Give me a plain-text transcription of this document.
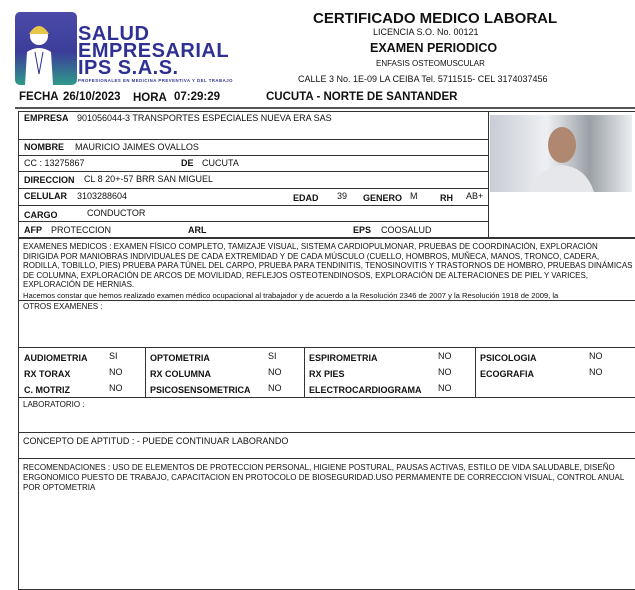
SALUD
EMPRESARIAL
IPS S.A.S.
PROFESIONALES EN MEDICINA PREVENTIVA Y DEL TRABAJO
CERTIFICADO MEDICO LABORAL
LICENCIA S.O. No. 00121
EXAMEN PERIODICO
ENFASIS OSTEOMUSCULAR
CALLE 3 No. 1E-09 LA CEIBA Tel. 5711515- CEL 3174037456
FECHA 26/10/2023 HORA 07:29:29	CUCUTA - NORTE DE SANTANDER
EMPRESA 901056044-3 TRANSPORTES ESPECIALES NUEVA ERA SAS
NOMBRE MAURICIO JAIMES OVALLOS
CC : 13275867	DE CUCUTA
DIRECCION CL 8 20+-57 BRR SAN MIGUEL
CELULAR 3103288604	EDAD 39 GENERO M	RH AB+
CARGO	CONDUCTOR
AFP PROTECCION	ARL	EPS COOSALUD
EXAMENES MEDICOS : EXAMEN FÍSICO COMPLETO, TAMIZAJE VISUAL, SISTEMA CARDIOPULMONAR, PRUEBAS DE COORDINACIÓN, EXPLORACIÓN DIRIGIDA POR MANIOBRAS INDIVIDUALES DE CADA EXTREMIDAD Y DE CADA MÚSCULO (CUELLO, HOMBROS, MUÑECA, MANOS, TRONCO, CADERA, RODILLA, TOBILLO, PIES) PRUEBA PARA TÚNEL DEL CARPO, PRUEBA PARA TENDINITIS, TENOSINOVITIS Y TRASTORNOS DE HOMBRO, PRUEBAS DINÁMICAS DE COLUMNA, EXPLORACIÓN DE ARCOS DE MOVILIDAD, REFLEJOS OSTEOTENDINOSOS, EXPLORACIÓN DE ALTERACIONES DE PIEL Y VARICES, EXPLORACIÓN DE HERNIAS.
Hacemos constar que hemos realizado examen médico ocupacional al trabajador y de acuerdo a la Resolución 2346 de 2007 y la Resolución 1918 de 2009, la
OTROS EXAMENES :
AUDIOMETRIA SI	OPTOMETRIA	SI	ESPIROMETRIA	NO	PSICOLOGIA	NO
RX TORAX	NO	RX COLUMNA	NO	RX PIES	NO	ECOGRAFIA	NO
C. MOTRIZ	NO	PSICOSENSOMETRICA NO	ELECTROCARDIOGRAMA NO
LABORATORIO :
CONCEPTO DE APTITUD : - PUEDE CONTINUAR LABORANDO
RECOMENDACIONES : USO DE ELEMENTOS DE PROTECCION PERSONAL, HIGIENE POSTURAL, PAUSAS ACTIVAS, ESTILO DE VIDA SALUDABLE, DISEÑO ERGONOMICO PUESTO DE TRABAJO, CAPACITACION EN PROTOCOLO DE BIOSEGURIDAD.USO PERMAMENTE DE CORRECCION VISUAL, CONTROL ANUAL POR OPTOMETRIA
